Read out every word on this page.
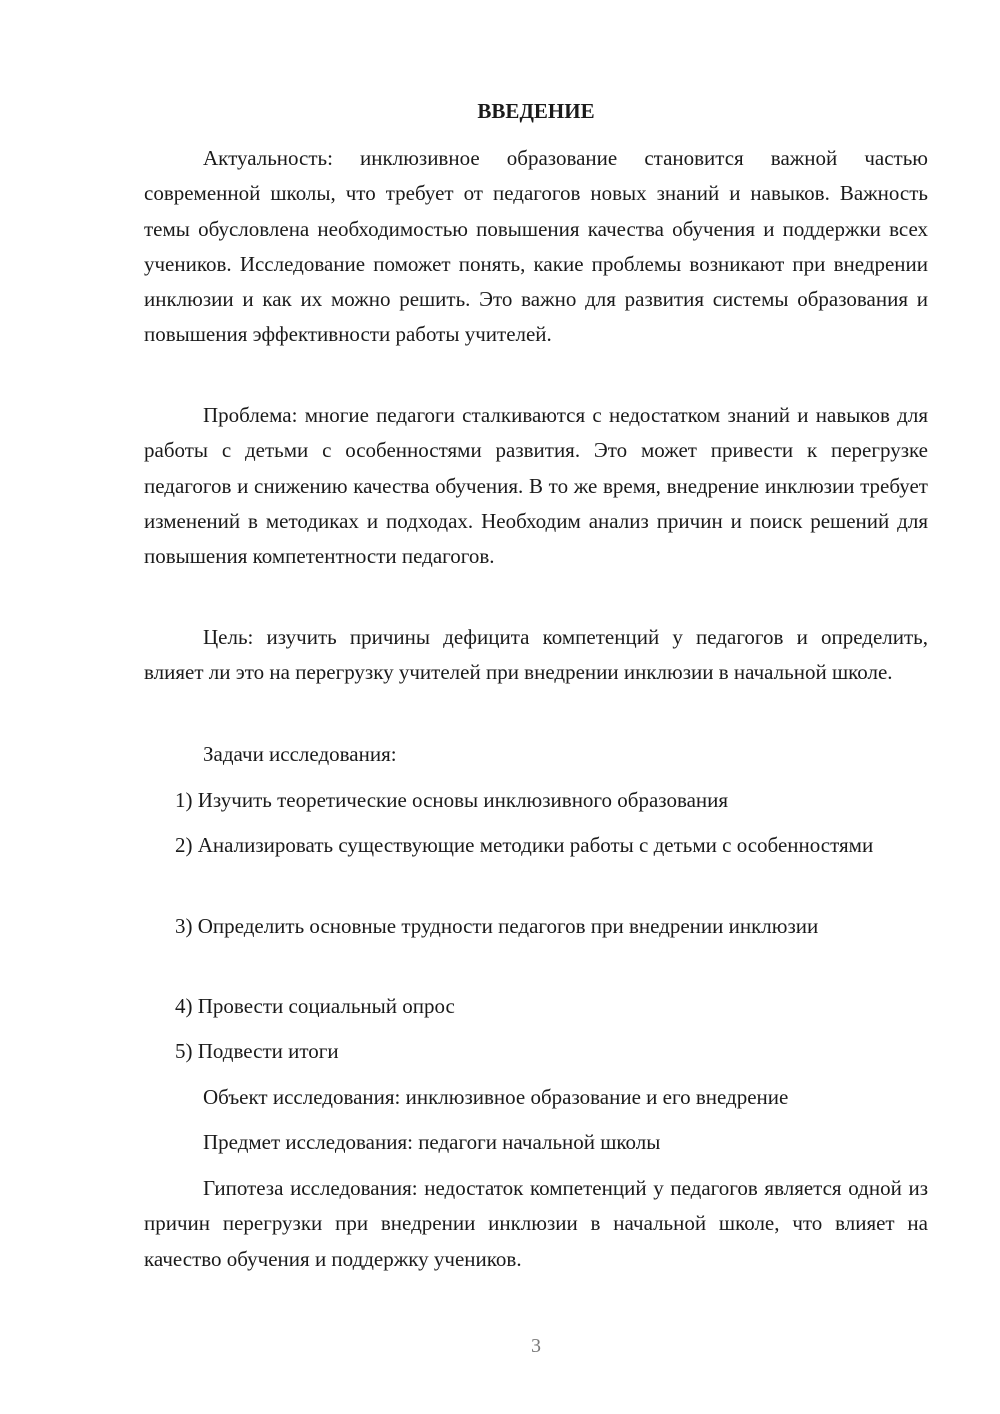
ВВЕДЕНИЕ

Актуальность: инклюзивное образование становится важной частью современной школы, что требует от педагогов новых знаний и навыков. Важность темы обусловлена необходимостью повышения качества обучения и поддержки всех учеников. Исследование поможет понять, какие проблемы возникают при внедрении инклюзии и как их можно решить. Это важно для развития системы образования и повышения эффективности работы учителей.

Проблема: многие педагоги сталкиваются с недостатком знаний и навыков для работы с детьми с особенностями развития. Это может привести к перегрузке педагогов и снижению качества обучения. В то же время, внедрение инклюзии требует изменений в методиках и подходах. Необходим анализ причин и поиск решений для повышения компетентности педагогов.

Цель: изучить причины дефицита компетенций у педагогов и определить, влияет ли это на перегрузку учителей при внедрении инклюзии в начальной школе.

Задачи исследования:

1) Изучить теоретические основы инклюзивного образования

2) Анализировать существующие методики работы с детьми с особенностями

3) Определить основные трудности педагогов при внедрении инклюзии

4) Провести социальный опрос

5) Подвести итоги

Объект исследования: инклюзивное образование и его внедрение

Предмет исследования: педагоги начальной школы

Гипотеза исследования: недостаток компетенций у педагогов является одной из причин перегрузки при внедрении инклюзии в начальной школе, что влияет на качество обучения и поддержку учеников.

3
